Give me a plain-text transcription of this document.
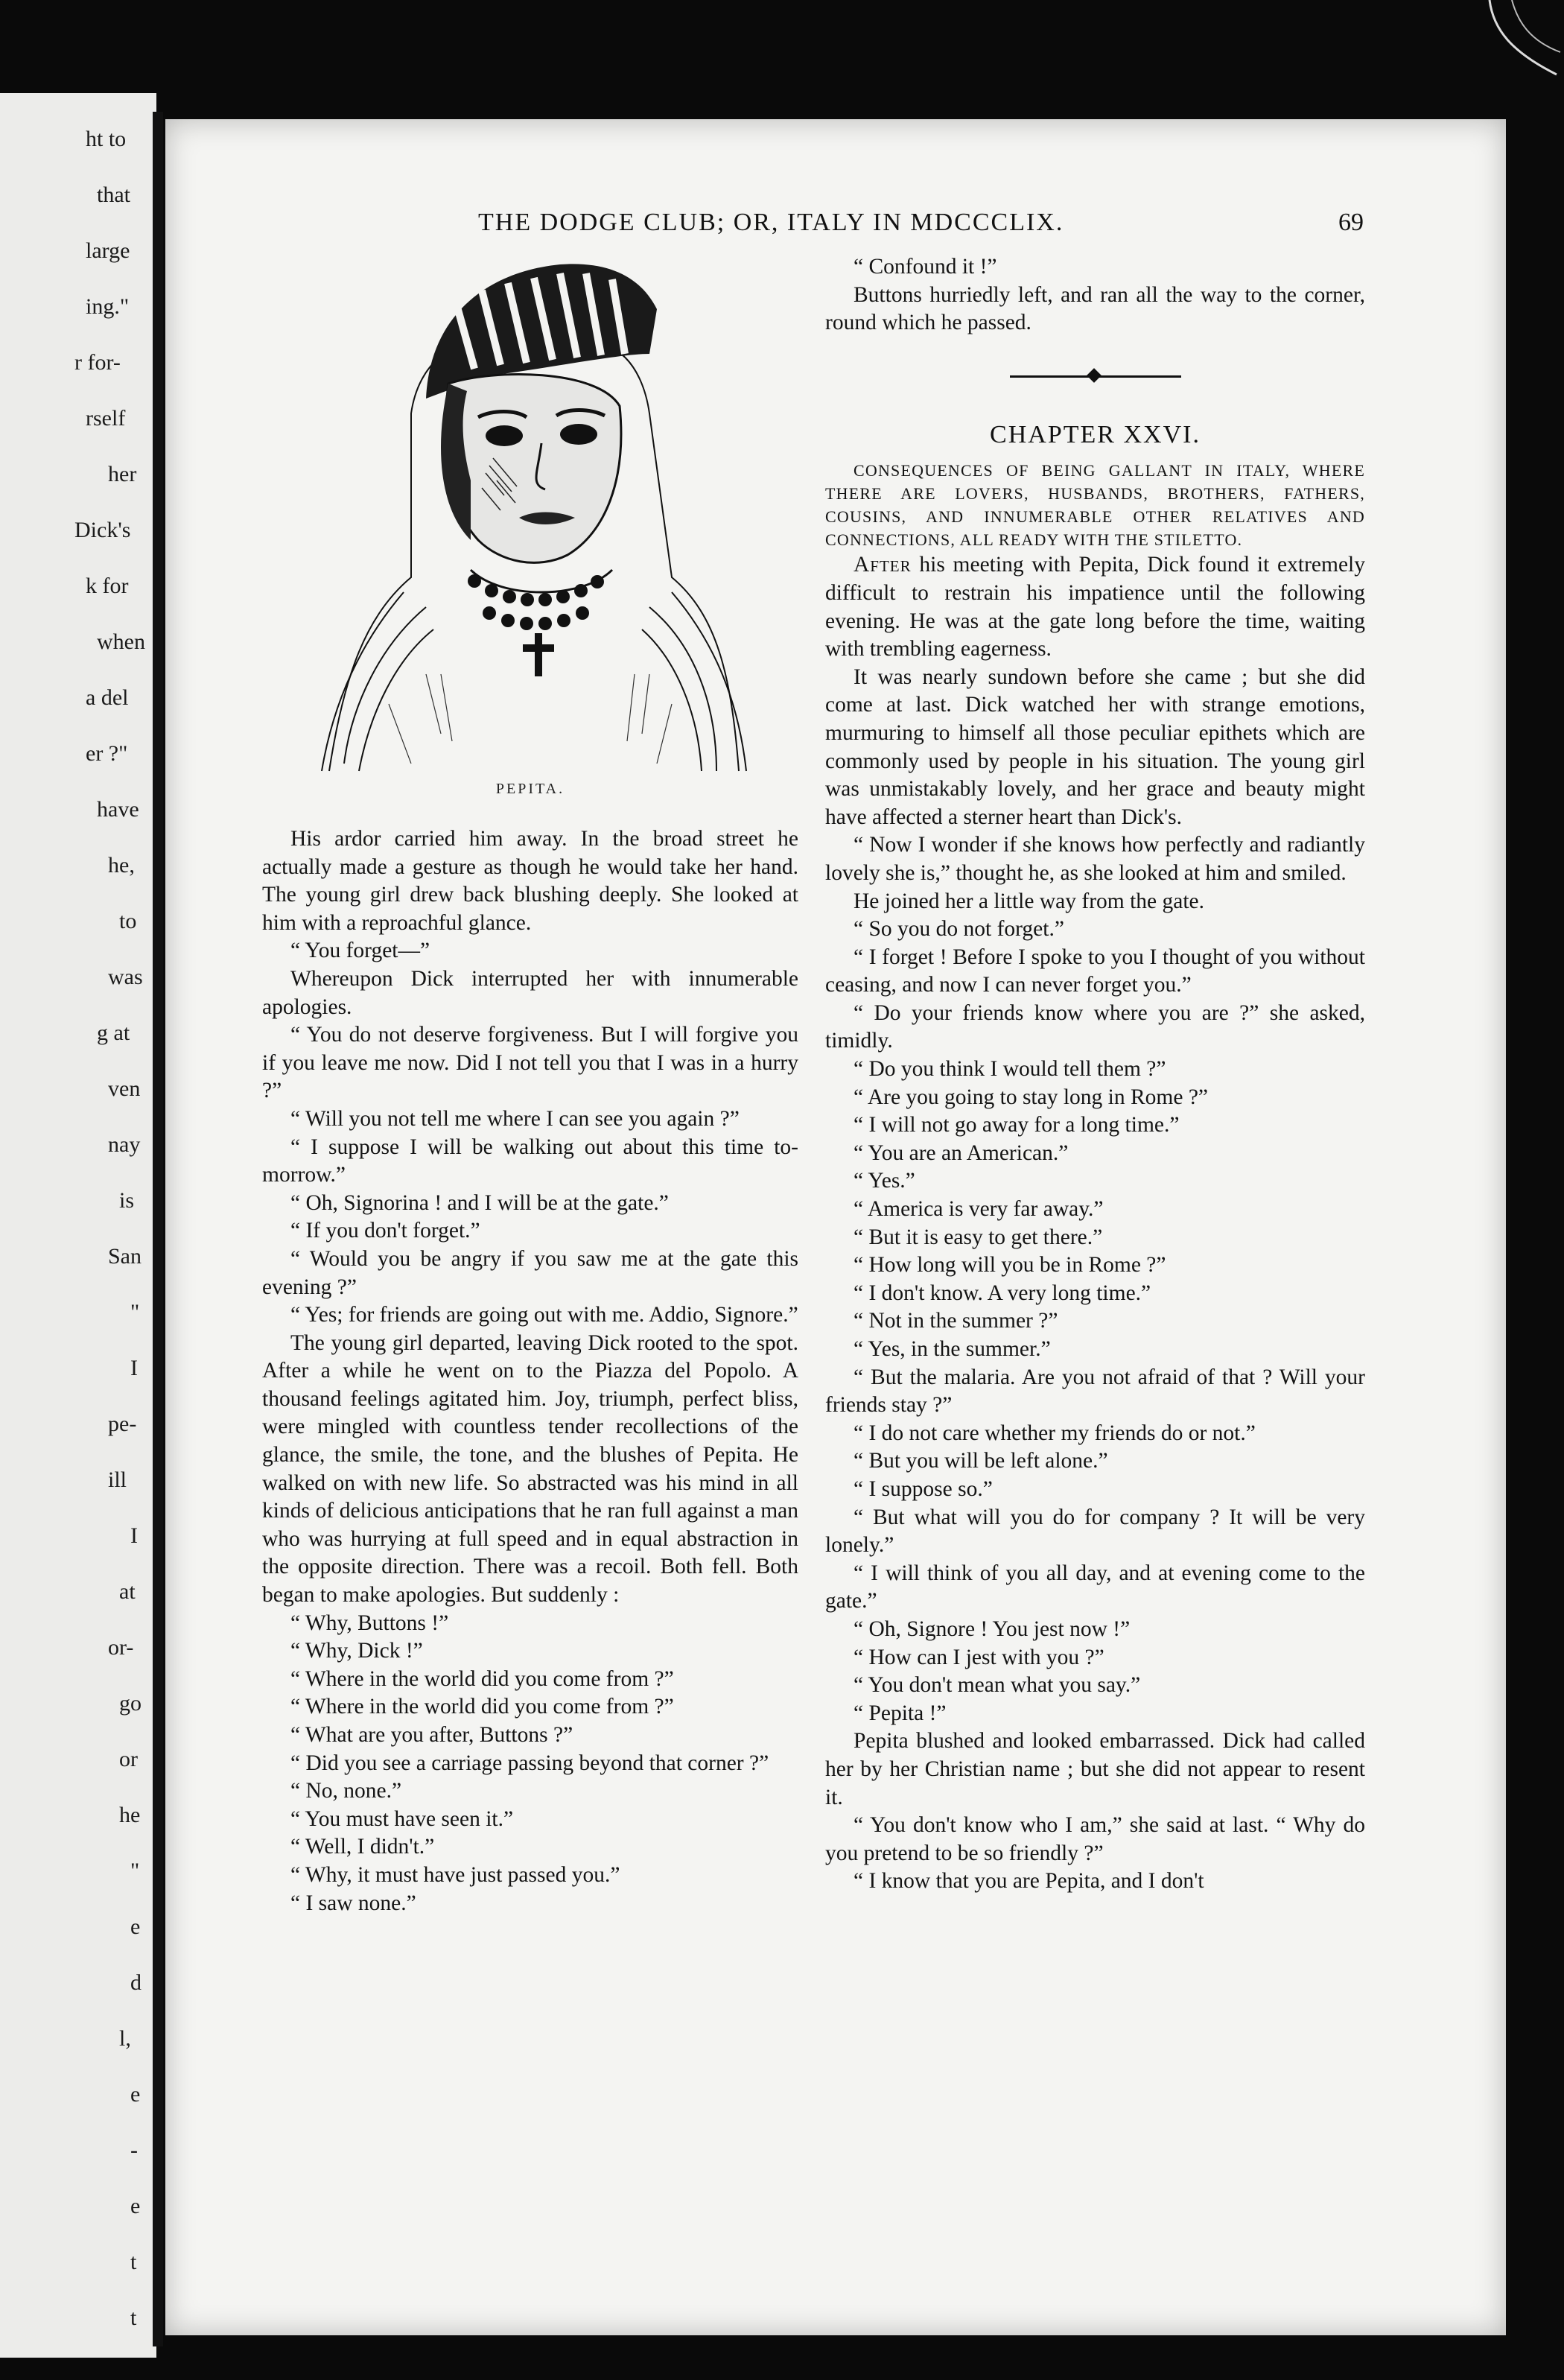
ht to
that
large
ing."
r for-
rself
her
Dick's
k for
when
a del
er ?"
have
he,
to
was
g at
ven
nay
is
San
"
I
pe-
ill
I
at
or-
go
or
he
"
e
d
l,
e
-
e
t
t
THE DODGE CLUB; OR, ITALY IN MDCCCLIX.	69
PEPITA.

His ardor carried him away. In the broad street he actually made a gesture as though he would take her hand. The young girl drew back blushing deeply. She looked at him with a reproachful glance.

“ You forget—”

Whereupon Dick interrupted her with innumerable apologies.

“ You do not deserve forgiveness. But I will forgive you if you leave me now. Did I not tell you that I was in a hurry ?”

“ Will you not tell me where I can see you again ?”

“ I suppose I will be walking out about this time to-morrow.”

“ Oh, Signorina ! and I will be at the gate.”

“ If you don't forget.”

“ Would you be angry if you saw me at the gate this evening ?”

“ Yes; for friends are going out with me. Addio, Signore.”

The young girl departed, leaving Dick rooted to the spot. After a while he went on to the Piazza del Popolo. A thousand feelings agitated him. Joy, triumph, perfect bliss, were mingled with countless tender recollections of the glance, the smile, the tone, and the blushes of Pepita. He walked on with new life. So abstracted was his mind in all kinds of delicious anticipations that he ran full against a man who was hurrying at full speed and in equal abstraction in the opposite direction. There was a recoil. Both fell. Both began to make apologies. But suddenly :

“ Why, Buttons !”

“ Why, Dick !”

“ Where in the world did you come from ?”

“ Where in the world did you come from ?”

“ What are you after, Buttons ?”

“ Did you see a carriage passing beyond that corner ?”

“ No, none.”

“ You must have seen it.”

“ Well, I didn't.”

“ Why, it must have just passed you.”

“ I saw none.”

“ Confound it !”

Buttons hurriedly left, and ran all the way to the corner, round which he passed.

CHAPTER XXVI.

CONSEQUENCES OF BEING GALLANT IN ITALY, WHERE THERE ARE LOVERS, HUSBANDS, BROTHERS, FATHERS, COUSINS, AND INNUMERABLE OTHER RELATIVES AND CONNECTIONS, ALL READY WITH THE STILETTO.

After his meeting with Pepita, Dick found it extremely difficult to restrain his impatience until the following evening. He was at the gate long before the time, waiting with trembling eagerness.

It was nearly sundown before she came ; but she did come at last. Dick watched her with strange emotions, murmuring to himself all those peculiar epithets which are commonly used by people in his situation. The young girl was unmistakably lovely, and her grace and beauty might have affected a sterner heart than Dick's.

“ Now I wonder if she knows how perfectly and radiantly lovely she is,” thought he, as she looked at him and smiled.

He joined her a little way from the gate.

“ So you do not forget.”

“ I forget ! Before I spoke to you I thought of you without ceasing, and now I can never forget you.”

“ Do your friends know where you are ?” she asked, timidly.

“ Do you think I would tell them ?”

“ Are you going to stay long in Rome ?”

“ I will not go away for a long time.”

“ You are an American.”

“ Yes.”

“ America is very far away.”

“ But it is easy to get there.”

“ How long will you be in Rome ?”

“ I don't know. A very long time.”

“ Not in the summer ?”

“ Yes, in the summer.”

“ But the malaria. Are you not afraid of that ? Will your friends stay ?”

“ I do not care whether my friends do or not.”

“ But you will be left alone.”

“ I suppose so.”

“ But what will you do for company ? It will be very lonely.”

“ I will think of you all day, and at evening come to the gate.”

“ Oh, Signore ! You jest now !”

“ How can I jest with you ?”

“ You don't mean what you say.”

“ Pepita !”

Pepita blushed and looked embarrassed. Dick had called her by her Christian name ; but she did not appear to resent it.

“ You don't know who I am,” she said at last. “ Why do you pretend to be so friendly ?”

“ I know that you are Pepita, and I don't
